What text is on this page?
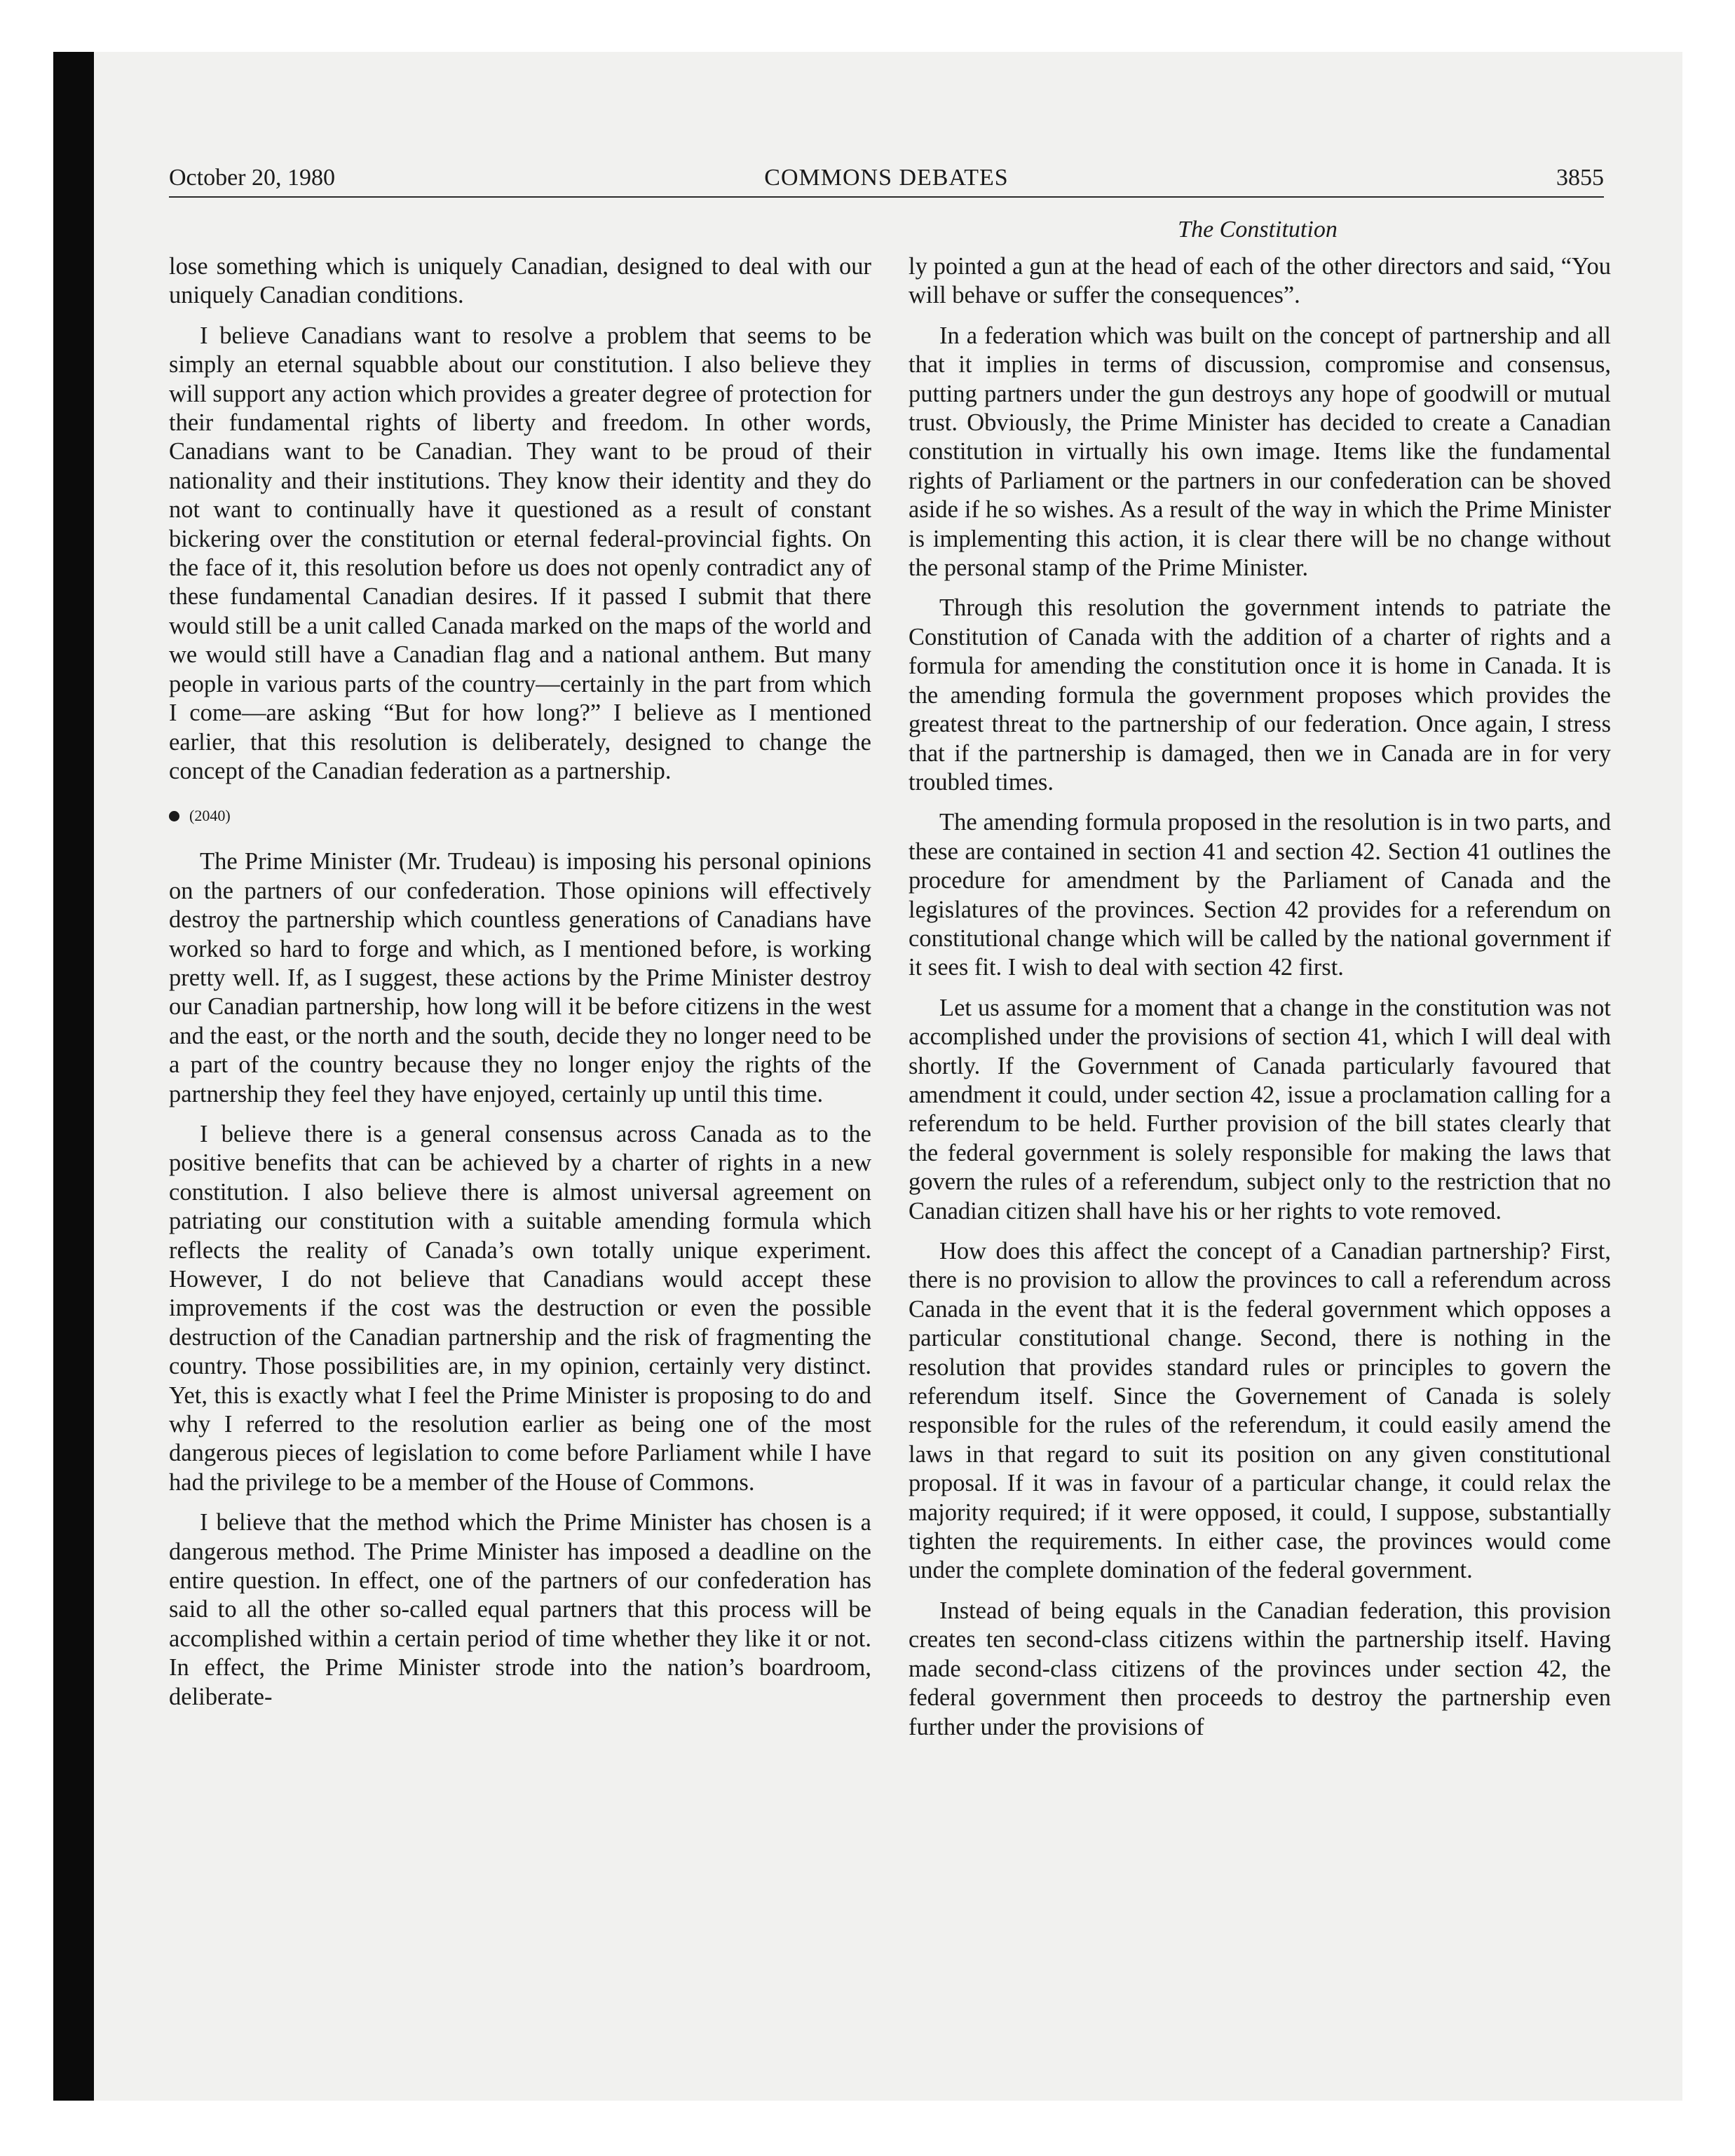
October 20, 1980	COMMONS DEBATES	3855
The Constitution

lose something which is uniquely Canadian, designed to deal with our uniquely Canadian conditions.

I believe Canadians want to resolve a problem that seems to be simply an eternal squabble about our constitution. I also believe they will support any action which provides a greater degree of protection for their fundamental rights of liberty and freedom. In other words, Canadians want to be Canadian. They want to be proud of their nationality and their institutions. They know their identity and they do not want to continually have it questioned as a result of constant bickering over the constitution or eternal federal-provincial fights. On the face of it, this resolution before us does not openly contradict any of these fundamental Canadian desires. If it passed I submit that there would still be a unit called Canada marked on the maps of the world and we would still have a Canadian flag and a national anthem. But many people in various parts of the country—certainly in the part from which I come—are asking “But for how long?” I believe as I mentioned earlier, that this resolution is deliberately, designed to change the concept of the Canadian federation as a partnership.

(2040)

The Prime Minister (Mr. Trudeau) is imposing his personal opinions on the partners of our confederation. Those opinions will effectively destroy the partnership which countless generations of Canadians have worked so hard to forge and which, as I mentioned before, is working pretty well. If, as I suggest, these actions by the Prime Minister destroy our Canadian partnership, how long will it be before citizens in the west and the east, or the north and the south, decide they no longer need to be a part of the country because they no longer enjoy the rights of the partnership they feel they have enjoyed, certainly up until this time.

I believe there is a general consensus across Canada as to the positive benefits that can be achieved by a charter of rights in a new constitution. I also believe there is almost universal agreement on patriating our constitution with a suitable amending formula which reflects the reality of Canada’s own totally unique experiment. However, I do not believe that Canadians would accept these improvements if the cost was the destruction or even the possible destruction of the Canadian partnership and the risk of fragmenting the country. Those possibilities are, in my opinion, certainly very distinct. Yet, this is exactly what I feel the Prime Minister is proposing to do and why I referred to the resolution earlier as being one of the most dangerous pieces of legislation to come before Parliament while I have had the privilege to be a member of the House of Commons.

I believe that the method which the Prime Minister has chosen is a dangerous method. The Prime Minister has imposed a deadline on the entire question. In effect, one of the partners of our confederation has said to all the other so-called equal partners that this process will be accomplished within a certain period of time whether they like it or not. In effect, the Prime Minister strode into the nation’s boardroom, deliberate-

ly pointed a gun at the head of each of the other directors and said, “You will behave or suffer the consequences”.

In a federation which was built on the concept of partnership and all that it implies in terms of discussion, compromise and consensus, putting partners under the gun destroys any hope of goodwill or mutual trust. Obviously, the Prime Minister has decided to create a Canadian constitution in virtually his own image. Items like the fundamental rights of Parliament or the partners in our confederation can be shoved aside if he so wishes. As a result of the way in which the Prime Minister is implementing this action, it is clear there will be no change without the personal stamp of the Prime Minister.

Through this resolution the government intends to patriate the Constitution of Canada with the addition of a charter of rights and a formula for amending the constitution once it is home in Canada. It is the amending formula the government proposes which provides the greatest threat to the partnership of our federation. Once again, I stress that if the partnership is damaged, then we in Canada are in for very troubled times.

The amending formula proposed in the resolution is in two parts, and these are contained in section 41 and section 42. Section 41 outlines the procedure for amendment by the Parliament of Canada and the legislatures of the provinces. Section 42 provides for a referendum on constitutional change which will be called by the national government if it sees fit. I wish to deal with section 42 first.

Let us assume for a moment that a change in the constitution was not accomplished under the provisions of section 41, which I will deal with shortly. If the Government of Canada particularly favoured that amendment it could, under section 42, issue a proclamation calling for a referendum to be held. Further provision of the bill states clearly that the federal government is solely responsible for making the laws that govern the rules of a referendum, subject only to the restriction that no Canadian citizen shall have his or her rights to vote removed.

How does this affect the concept of a Canadian partnership? First, there is no provision to allow the provinces to call a referendum across Canada in the event that it is the federal government which opposes a particular constitutional change. Second, there is nothing in the resolution that provides standard rules or principles to govern the referendum itself. Since the Governement of Canada is solely responsible for the rules of the referendum, it could easily amend the laws in that regard to suit its position on any given constitutional proposal. If it was in favour of a particular change, it could relax the majority required; if it were opposed, it could, I suppose, substantially tighten the requirements. In either case, the provinces would come under the complete domination of the federal government.

Instead of being equals in the Canadian federation, this provision creates ten second-class citizens within the partnership itself. Having made second-class citizens of the provinces under section 42, the federal government then proceeds to destroy the partnership even further under the provisions of
